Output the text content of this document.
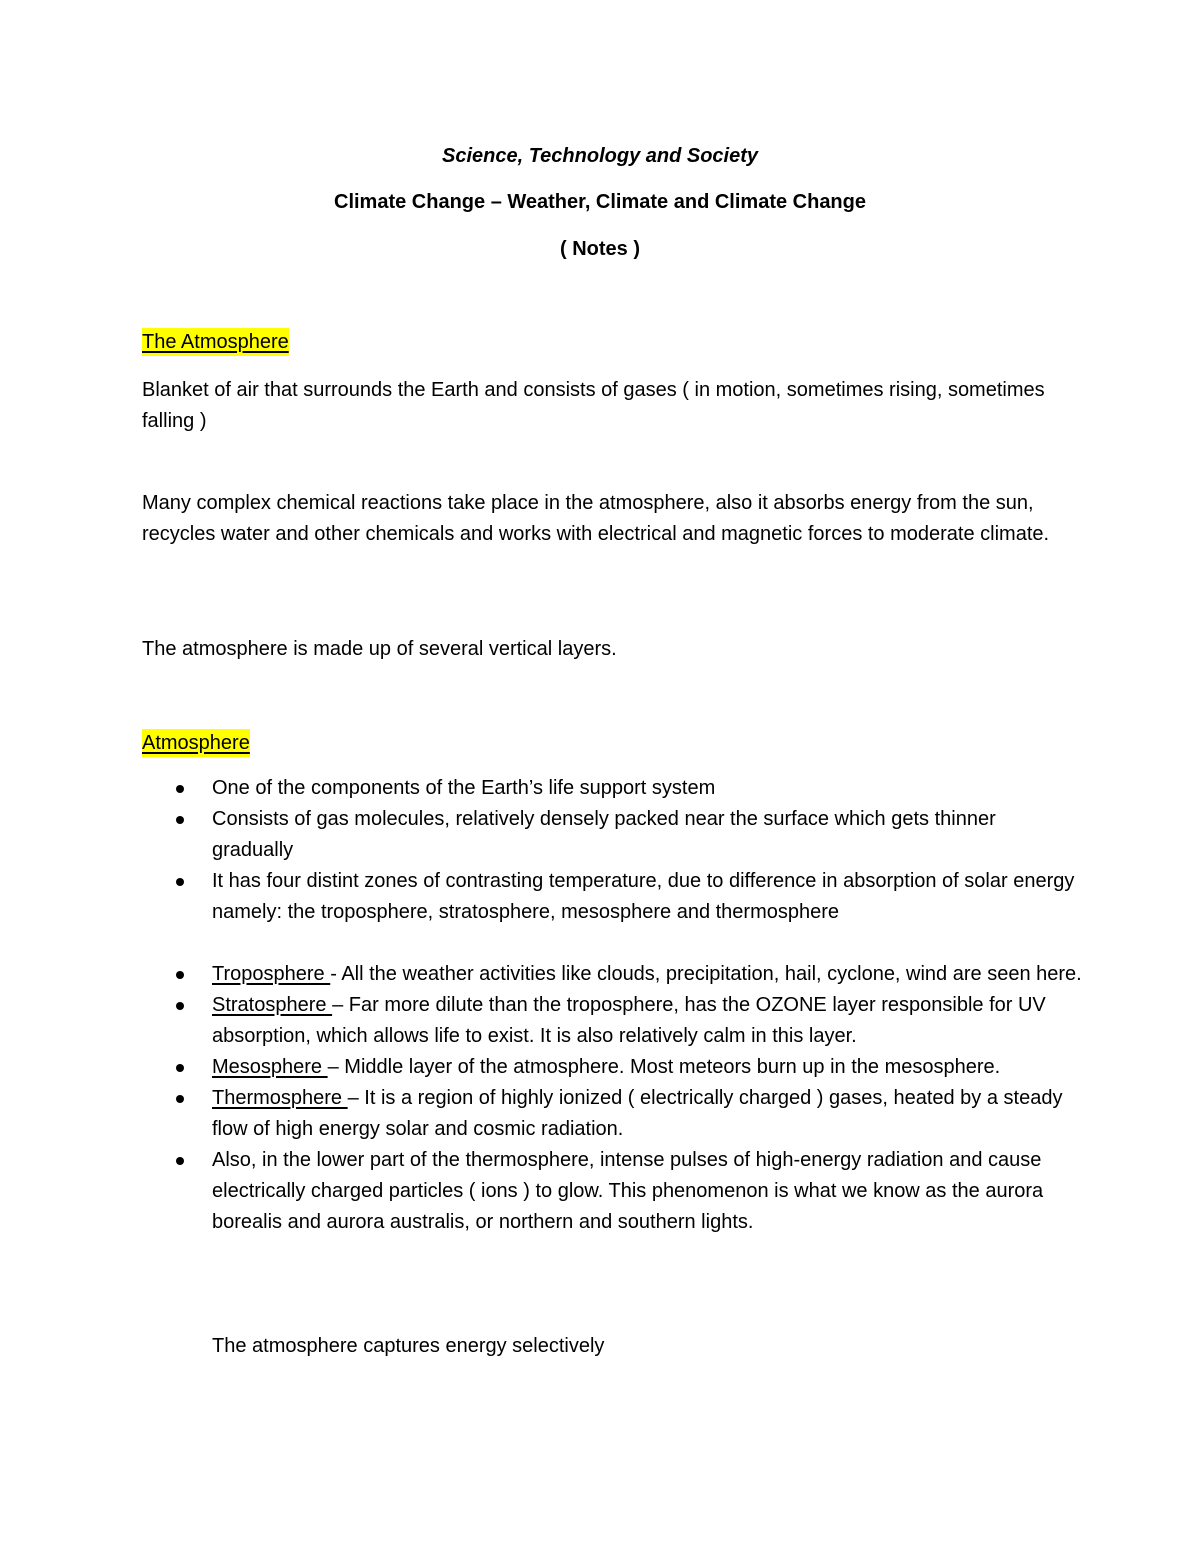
Science, Technology and Society
Climate Change – Weather, Climate and Climate Change
( Notes )
The Atmosphere

Blanket of air that surrounds the Earth and consists of gases ( in motion, sometimes rising, sometimes falling )

Many complex chemical reactions take place in the atmosphere, also it absorbs energy from the sun, recycles water and other chemicals and works with electrical and magnetic forces to moderate climate.

The atmosphere is made up of several vertical layers.

Atmosphere
One of the components of the Earth’s life support system
Consists of gas molecules, relatively densely packed near the surface which gets thinner gradually
It has four distint zones of contrasting temperature, due to difference in absorption of solar energy namely: the troposphere, stratosphere, mesosphere and thermosphere
Troposphere - All the weather activities like clouds, precipitation, hail, cyclone, wind are seen here.
Stratosphere – Far more dilute than the troposphere, has the OZONE layer responsible for UV absorption, which allows life to exist. It is also relatively calm in this layer.
Mesosphere – Middle layer of the atmosphere. Most meteors burn up in the mesosphere.
Thermosphere – It is a region of highly ionized ( electrically charged ) gases, heated by a steady flow of high energy solar and cosmic radiation.
Also, in the lower part of the thermosphere, intense pulses of high-energy radiation and cause electrically charged particles ( ions ) to glow. This phenomenon is what we know as the aurora borealis and aurora australis, or northern and southern lights.
The atmosphere captures energy selectively
